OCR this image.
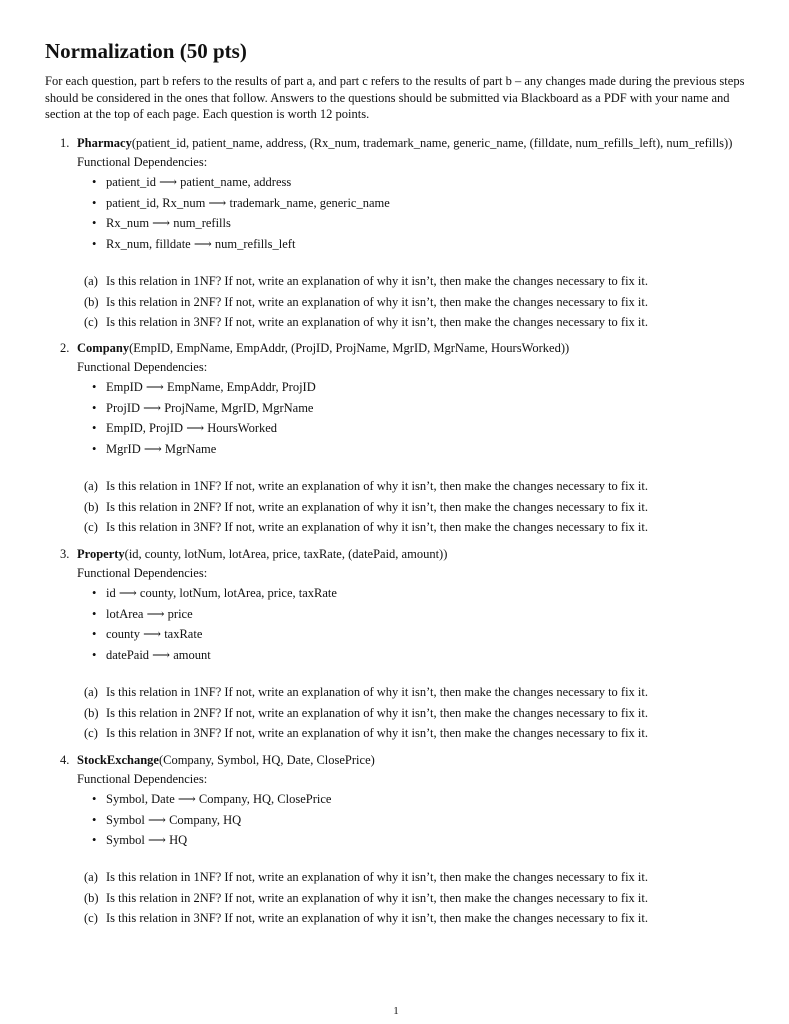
Normalization (50 pts)

For each question, part b refers to the results of part a, and part c refers to the results of part b – any changes made during the previous steps should be considered in the ones that follow. Answers to the questions should be submitted via Blackboard as a PDF with your name and section at the top of each page. Each question is worth 12 points.

1. Pharmacy(patient_id, patient_name, address, (Rx_num, trademark_name, generic_name, (filldate, num_refills_left), num_refills))
Functional Dependencies:
• patient_id ⟶ patient_name, address
• patient_id, Rx_num ⟶ trademark_name, generic_name
• Rx_num ⟶ num_refills
• Rx_num, filldate ⟶ num_refills_left
(a) Is this relation in 1NF? If not, write an explanation of why it isn’t, then make the changes necessary to fix it.
(b) Is this relation in 2NF? If not, write an explanation of why it isn’t, then make the changes necessary to fix it.
(c) Is this relation in 3NF? If not, write an explanation of why it isn’t, then make the changes necessary to fix it.
2. Company(EmpID, EmpName, EmpAddr, (ProjID, ProjName, MgrID, MgrName, HoursWorked))
Functional Dependencies:
• EmpID ⟶ EmpName, EmpAddr, ProjID
• ProjID ⟶ ProjName, MgrID, MgrName
• EmpID, ProjID ⟶ HoursWorked
• MgrID ⟶ MgrName
(a) Is this relation in 1NF? If not, write an explanation of why it isn’t, then make the changes necessary to fix it.
(b) Is this relation in 2NF? If not, write an explanation of why it isn’t, then make the changes necessary to fix it.
(c) Is this relation in 3NF? If not, write an explanation of why it isn’t, then make the changes necessary to fix it.
3. Property(id, county, lotNum, lotArea, price, taxRate, (datePaid, amount))
Functional Dependencies:
• id ⟶ county, lotNum, lotArea, price, taxRate
• lotArea ⟶ price
• county ⟶ taxRate
• datePaid ⟶ amount
(a) Is this relation in 1NF? If not, write an explanation of why it isn’t, then make the changes necessary to fix it.
(b) Is this relation in 2NF? If not, write an explanation of why it isn’t, then make the changes necessary to fix it.
(c) Is this relation in 3NF? If not, write an explanation of why it isn’t, then make the changes necessary to fix it.
4. StockExchange(Company, Symbol, HQ, Date, ClosePrice)
Functional Dependencies:
• Symbol, Date ⟶ Company, HQ, ClosePrice
• Symbol ⟶ Company, HQ
• Symbol ⟶ HQ
(a) Is this relation in 1NF? If not, write an explanation of why it isn’t, then make the changes necessary to fix it.
(b) Is this relation in 2NF? If not, write an explanation of why it isn’t, then make the changes necessary to fix it.
(c) Is this relation in 3NF? If not, write an explanation of why it isn’t, then make the changes necessary to fix it.
1
